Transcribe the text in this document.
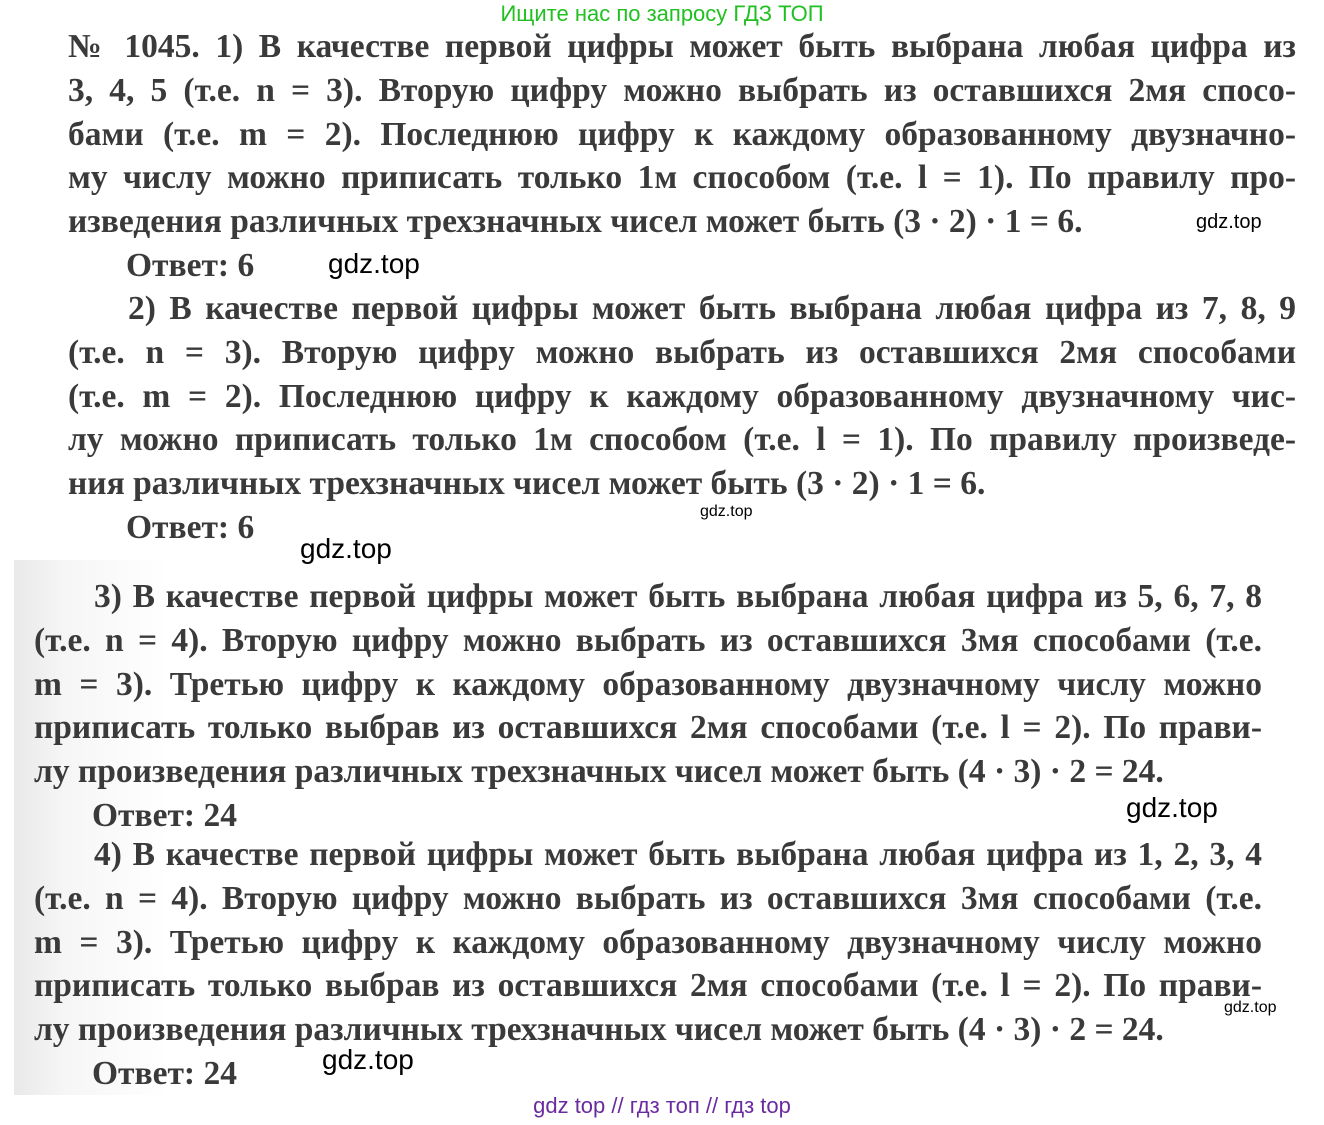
Ищите нас по запросу ГДЗ ТОП
№ 1045. 1) В качестве первой цифры может быть выбрана любая цифра из
3, 4, 5 (т.е. n = 3). Вторую цифру можно выбрать из оставшихся 2мя спосо-
бами (т.е. m = 2). Последнюю цифру к каждому образованному двузначно-
му числу можно приписать только 1м способом (т.е. l = 1). По правилу про-
изведения различных трехзначных чисел может быть (3 · 2) · 1 = 6.
Ответ: 6
2) В качестве первой цифры может быть выбрана любая цифра из 7, 8, 9
(т.е. n = 3). Вторую цифру можно выбрать из оставшихся 2мя способами
(т.е. m = 2). Последнюю цифру к каждому образованному двузначному чис-
лу можно приписать только 1м способом (т.е. l = 1). По правилу произведе-
ния различных трехзначных чисел может быть (3 · 2) · 1 = 6.
Ответ: 6
3) В качестве первой цифры может быть выбрана любая цифра из 5, 6, 7, 8
(т.е. n = 4). Вторую цифру можно выбрать из оставшихся 3мя способами (т.е.
m = 3). Третью цифру к каждому образованному двузначному числу можно
приписать только выбрав из оставшихся 2мя способами (т.е. l = 2). По прави-
лу произведения различных трехзначных чисел может быть (4 · 3) · 2 = 24.
Ответ: 24
4) В качестве первой цифры может быть выбрана любая цифра из 1, 2, 3, 4
(т.е. n = 4). Вторую цифру можно выбрать из оставшихся 3мя способами (т.е.
m = 3). Третью цифру к каждому образованному двузначному числу можно
приписать только выбрав из оставшихся 2мя способами (т.е. l = 2). По прави-
лу произведения различных трехзначных чисел может быть (4 · 3) · 2 = 24.
Ответ: 24
gdz.top
gdz.top
gdz.top
gdz.top
gdz.top
gdz.top
gdz.top
gdz top // гдз топ // гдз top
